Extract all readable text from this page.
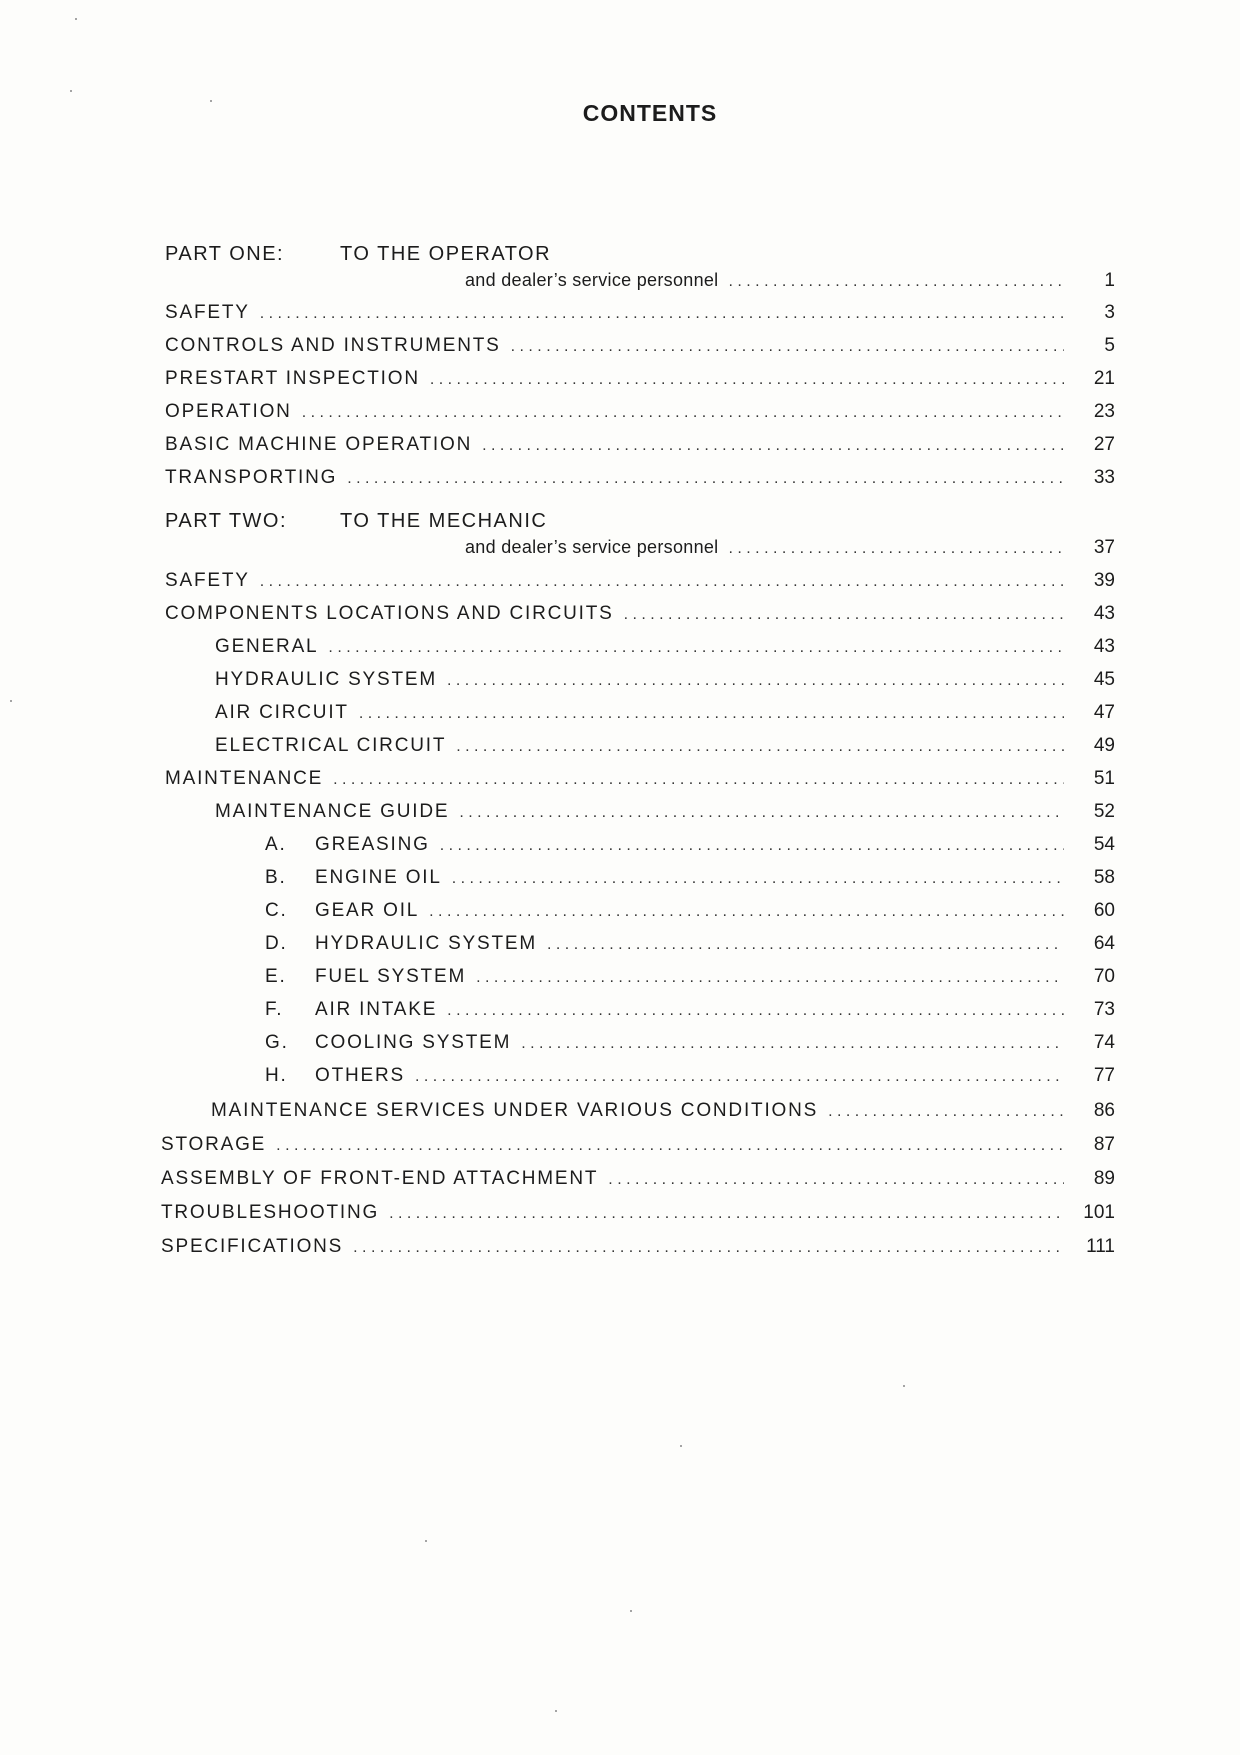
CONTENTS
PART ONE:	TO THE OPERATOR
and dealer’s service personnel . . .	1
SAFETY . . .	3
CONTROLS AND INSTRUMENTS . . .	5
PRESTART INSPECTION . . .	21
OPERATION . . .	23
BASIC MACHINE OPERATION . . .	27
TRANSPORTING . . .	33
PART TWO:	TO THE MECHANIC
and dealer’s service personnel . . .	37
SAFETY . . .	39
COMPONENTS LOCATIONS AND CIRCUITS . . .	43
GENERAL . . .	43
HYDRAULIC SYSTEM . . .	45
AIR CIRCUIT . . .	47
ELECTRICAL CIRCUIT . . .	49
MAINTENANCE . . .	51
MAINTENANCE GUIDE . . .	52
A.	GREASING . . .	54
B.	ENGINE OIL . . .	58
C.	GEAR OIL . . .	60
D.	HYDRAULIC SYSTEM . . .	64
E.	FUEL SYSTEM . . .	70
F.	AIR INTAKE . . .	73
G.	COOLING SYSTEM . . .	74
H.	OTHERS . . .	77
MAINTENANCE SERVICES UNDER VARIOUS CONDITIONS . . .	86
STORAGE . . .	87
ASSEMBLY OF FRONT-END ATTACHMENT . . .	89
TROUBLESHOOTING . . .	101
SPECIFICATIONS . . .	111
